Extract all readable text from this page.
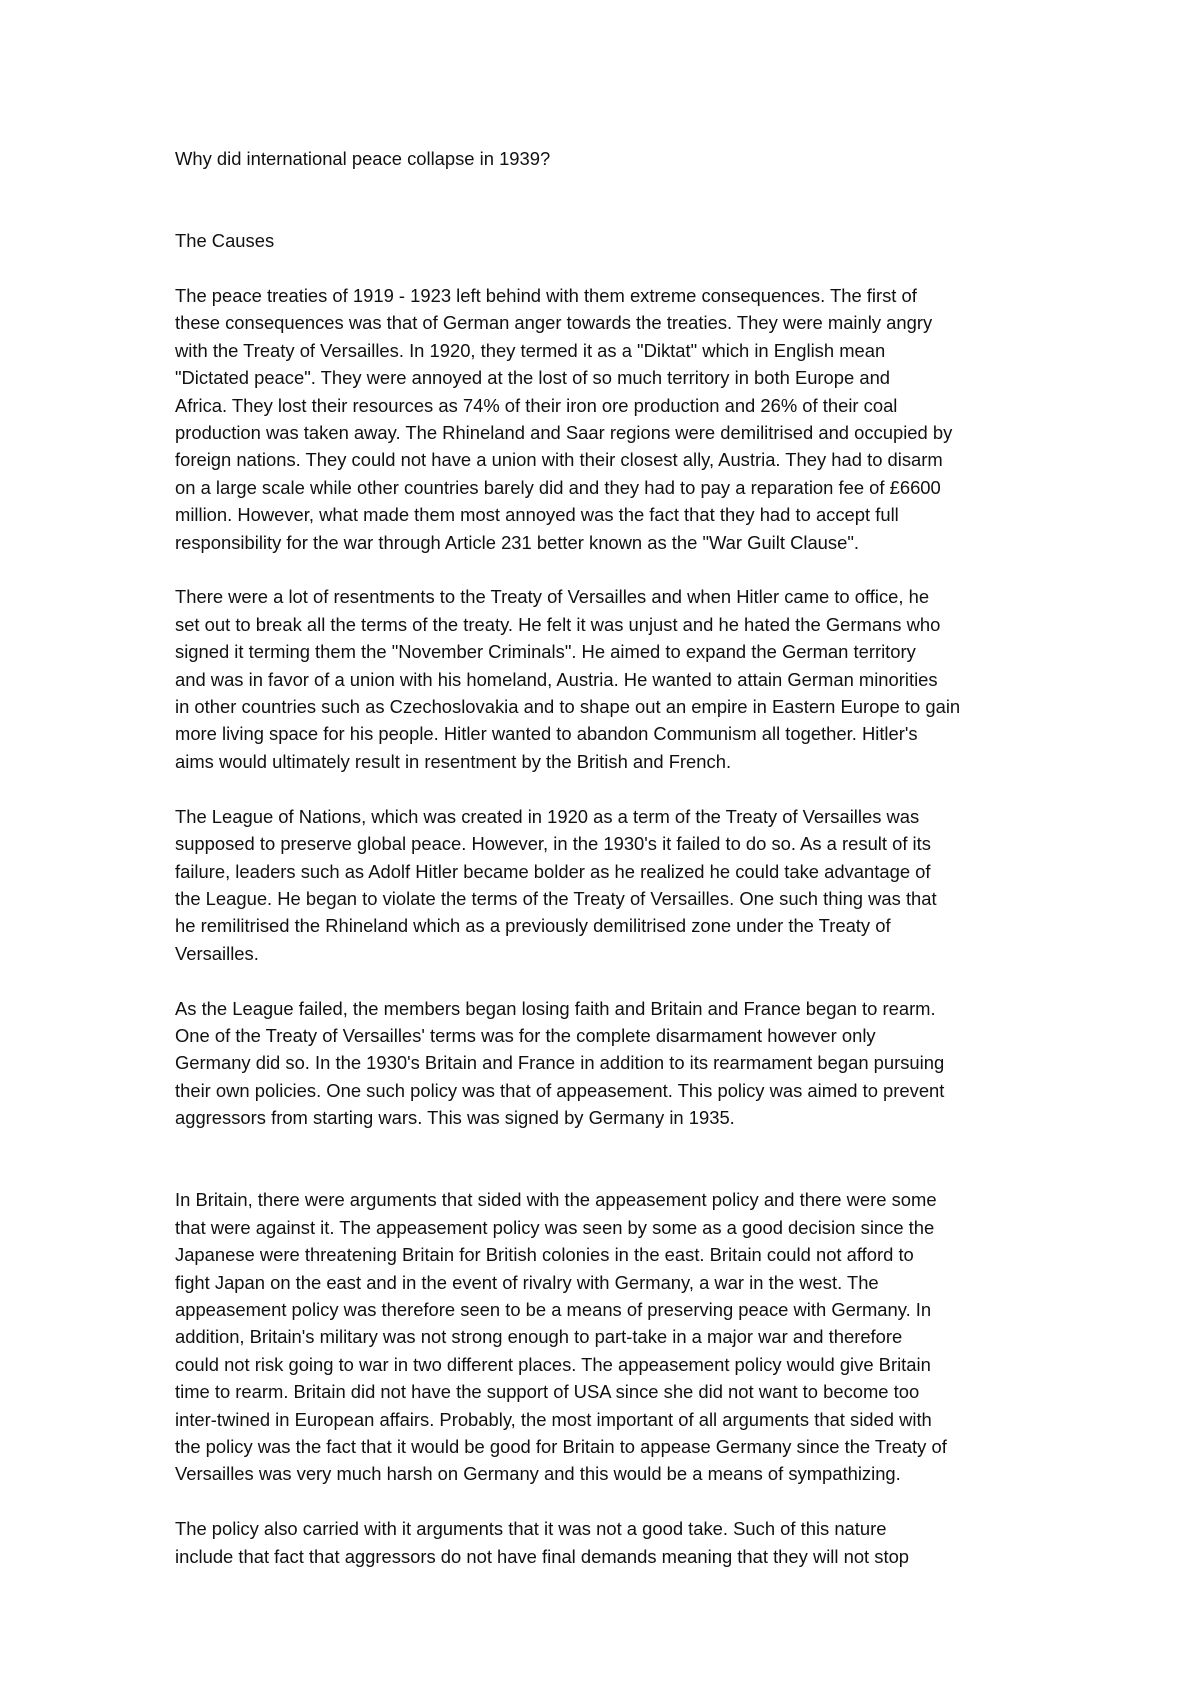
Why did international peace collapse in 1939?

The Causes

The peace treaties of 1919 - 1923 left behind with them extreme consequences. The first of
these consequences was that of German anger towards the treaties. They were mainly angry
with the Treaty of Versailles. In 1920, they termed it as a "Diktat" which in English mean
"Dictated peace". They were annoyed at the lost of so much territory in both Europe and
Africa. They lost their resources as 74% of their iron ore production and 26% of their coal
production was taken away. The Rhineland and Saar regions were demilitrised and occupied by
foreign nations. They could not have a union with their closest ally, Austria. They had to disarm
on a large scale while other countries barely did and they had to pay a reparation fee of £6600
million. However, what made them most annoyed was the fact that they had to accept full
responsibility for the war through Article 231 better known as the "War Guilt Clause".

There were a lot of resentments to the Treaty of Versailles and when Hitler came to office, he
set out to break all the terms of the treaty. He felt it was unjust and he hated the Germans who
signed it terming them the "November Criminals". He aimed to expand the German territory
and was in favor of a union with his homeland, Austria. He wanted to attain German minorities
in other countries such as Czechoslovakia and to shape out an empire in Eastern Europe to gain
more living space for his people. Hitler wanted to abandon Communism all together. Hitler's
aims would ultimately result in resentment by the British and French.

The League of Nations, which was created in 1920 as a term of the Treaty of Versailles was
supposed to preserve global peace. However, in the 1930's it failed to do so. As a result of its
failure, leaders such as Adolf Hitler became bolder as he realized he could take advantage of
the League. He began to violate the terms of the Treaty of Versailles. One such thing was that
he remilitrised the Rhineland which as a previously demilitrised zone under the Treaty of
Versailles.

As the League failed, the members began losing faith and Britain and France began to rearm.
One of the Treaty of Versailles' terms was for the complete disarmament however only
Germany did so. In the 1930's Britain and France in addition to its rearmament began pursuing
their own policies. One such policy was that of appeasement. This policy was aimed to prevent
aggressors from starting wars. This was signed by Germany in 1935.

In Britain, there were arguments that sided with the appeasement policy and there were some
that were against it. The appeasement policy was seen by some as a good decision since the
Japanese were threatening Britain for British colonies in the east. Britain could not afford to
fight Japan on the east and in the event of rivalry with Germany, a war in the west. The
appeasement policy was therefore seen to be a means of preserving peace with Germany. In
addition, Britain's military was not strong enough to part-take in a major war and therefore
could not risk going to war in two different places. The appeasement policy would give Britain
time to rearm. Britain did not have the support of USA since she did not want to become too
inter-twined in European affairs. Probably, the most important of all arguments that sided with
the policy was the fact that it would be good for Britain to appease Germany since the Treaty of
Versailles was very much harsh on Germany and this would be a means of sympathizing.

The policy also carried with it arguments that it was not a good take. Such of this nature
include that fact that aggressors do not have final demands meaning that they will not stop
